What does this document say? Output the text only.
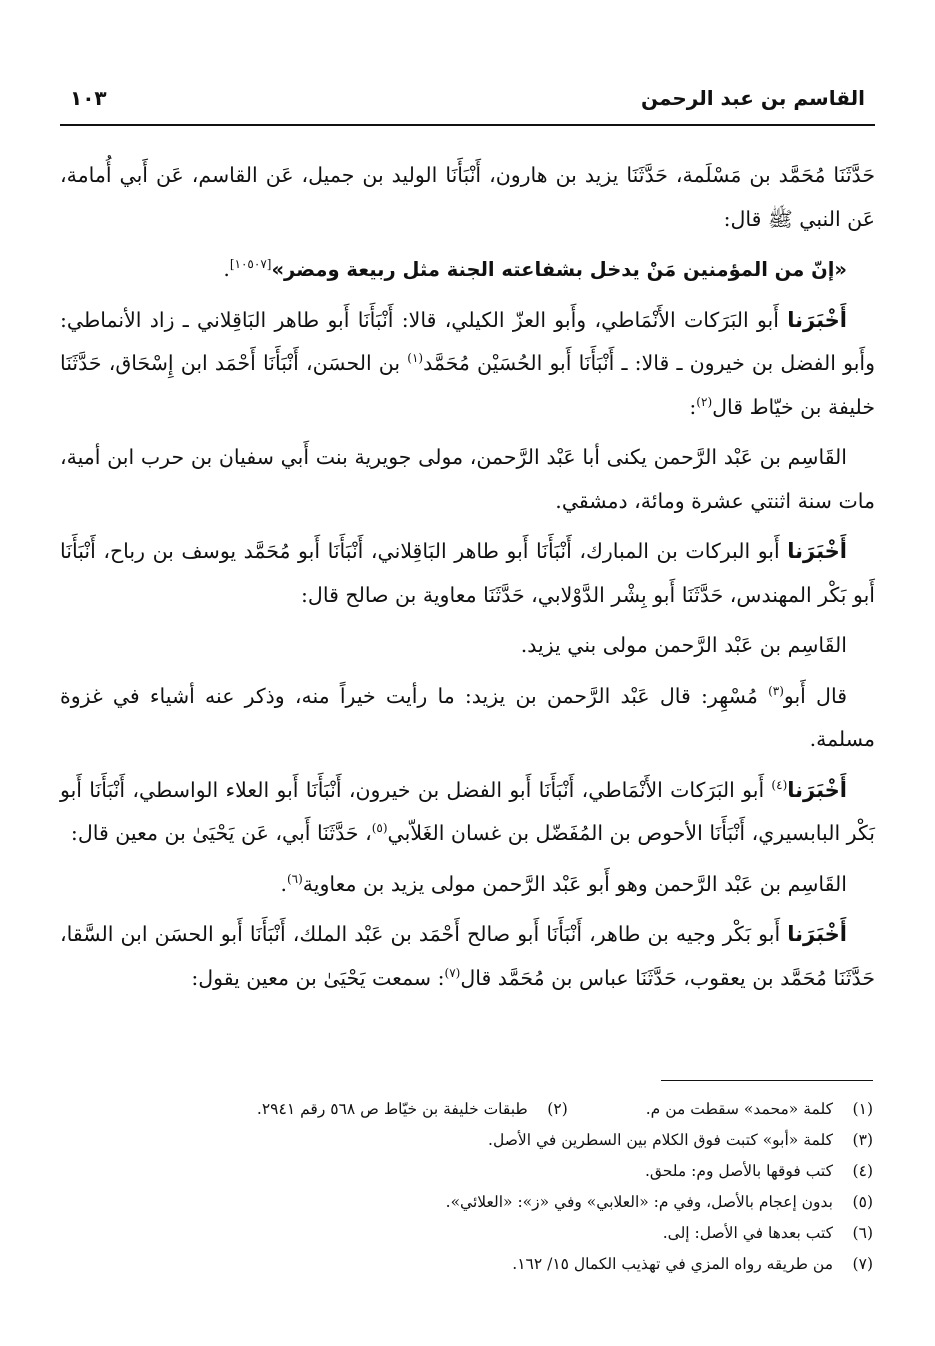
القاسم بن عبد الرحمن
١٠٣

حَدَّثَنَا مُحَمَّد بن مَسْلَمة، حَدَّثَنَا يزيد بن هارون، أَنْبَأَنَا الوليد بن جميل، عَن القاسم، عَن أَبي أُمامة، عَن النبي ﷺ قال:

«إنّ من المؤمنين مَنْ يدخل بشفاعته الجنة مثل ربيعة ومضر»[١٠٥٠٧].

أَخْبَرَنا أَبو البَرَكات الأَنْمَاطي، وأَبو العزّ الكيلي، قالا: أَنْبَأَنَا أَبو طاهر البَاقِلاني ـ زاد الأنماطي: وأَبو الفضل بن خيرون ـ قالا: ـ أَنْبَأَنَا أَبو الحُسَيْن مُحَمَّد$^{(١)}$ بن الحسَن، أَنْبَأَنَا أَحْمَد ابن إِسْحَاق، حَدَّثَنَا خليفة بن خيّاط قال$^{(٢)}$:

القَاسِم بن عَبْد الرَّحمن يكنى أبا عَبْد الرَّحمن، مولى جويرية بنت أَبي سفيان بن حرب ابن أمية، مات سنة اثنتي عشرة ومائة، دمشقي.

أَخْبَرَنا أَبو البركات بن المبارك، أَنْبَأَنَا أَبو طاهر البَاقِلاني، أَنْبَأَنَا أَبو مُحَمَّد يوسف بن رباح، أَنْبَأَنَا أَبو بَكْر المهندس، حَدَّثَنَا أَبو بِشْر الدَّوْلابي، حَدَّثَنَا معاوية بن صالح قال:

القَاسِم بن عَبْد الرَّحمن مولى بني يزيد.

قال أَبو$^{(٣)}$ مُسْهِر: قال عَبْد الرَّحمن بن يزيد: ما رأيت خيراً منه، وذكر عنه أشياء في غزوة مسلمة.

أَخْبَرَنا$^{(٤)}$ أَبو البَرَكات الأَنْمَاطي، أَنْبَأَنَا أَبو الفضل بن خيرون، أَنْبَأَنَا أَبو العلاء الواسطي، أَنْبَأَنَا أَبو بَكْر البابسيري، أَنْبَأَنَا الأحوص بن المُفَضّل بن غسان الغَلاّبي$^{(٥)}$، حَدَّثَنَا أَبي، عَن يَحْيَىٰ بن معين قال:

القَاسِم بن عَبْد الرَّحمن وهو أَبو عَبْد الرَّحمن مولى يزيد بن معاوية$^{(٦)}$.

أَخْبَرَنا أَبو بَكْر وجيه بن طاهر، أَنْبَأَنَا أَبو صالح أَحْمَد بن عَبْد الملك، أَنْبَأَنَا أَبو الحسَن ابن السَّقا، حَدَّثَنَا مُحَمَّد بن يعقوب، حَدَّثَنَا عباس بن مُحَمَّد قال$^{(٧)}$: سمعت يَحْيَىٰ بن معين يقول:

(١)
كلمة «محمد» سقطت من م.
(٢)
طبقات خليفة بن خيّاط ص ٥٦٨ رقم ٢٩٤١.
(٣)
كلمة «أبو» كتبت فوق الكلام بين السطرين في الأصل.
(٤)
كتب فوقها بالأصل وم: ملحق.
(٥)
بدون إعجام بالأصل، وفي م: «العلابي» وفي «ز»: «العلائي».
(٦)
كتب بعدها في الأصل: إلى.
(٧)
من طريقه رواه المزي في تهذيب الكمال ١٥/ ١٦٢.
